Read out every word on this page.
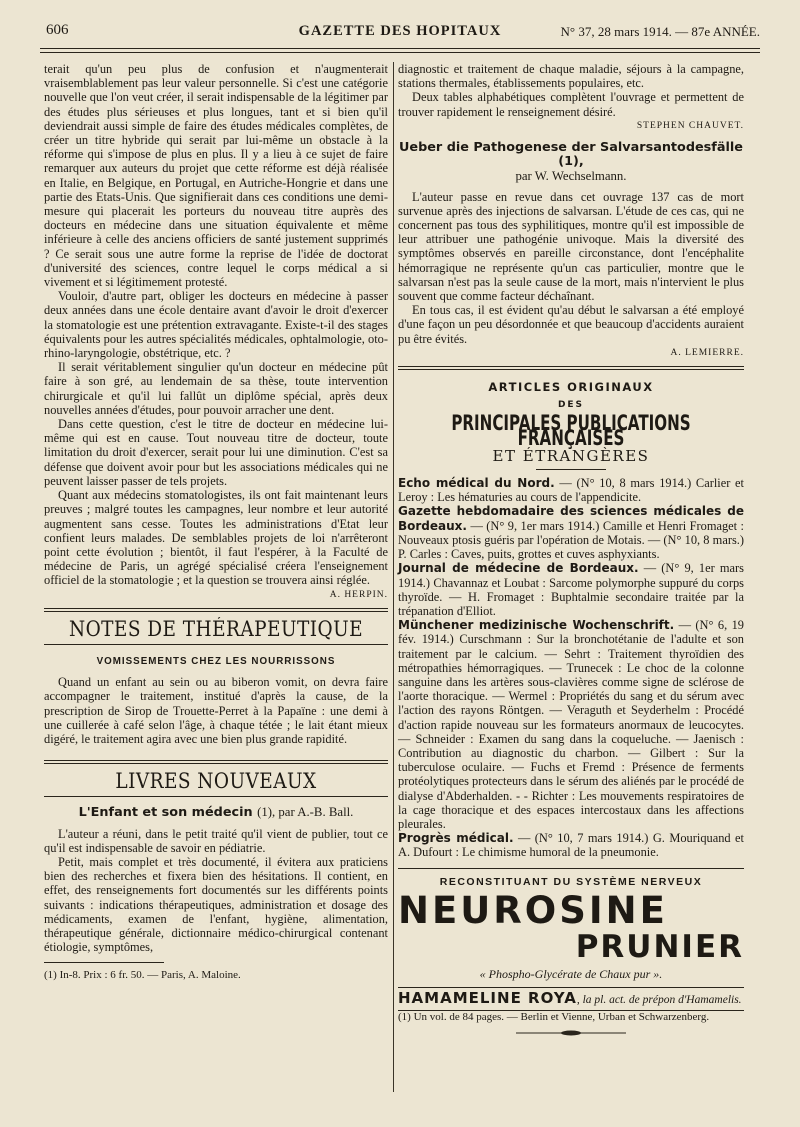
606	GAZETTE DES HOPITAUX	N° 37, 28 mars 1914. — 87e ANNÉE.

terait qu'un peu plus de confusion et n'augmenterait vraisemblablement pas leur valeur personnelle. Si c'est une catégorie nouvelle que l'on veut créer, il serait indispensable de la légitimer par des études plus sérieuses et plus longues, tant et si bien qu'il deviendrait aussi simple de faire des études médicales complètes, de créer un titre hybride qui serait par lui-même un obstacle à la réforme qui s'impose de plus en plus. Il y a lieu à ce sujet de faire remarquer aux auteurs du projet que cette réforme est déjà réalisée en Italie, en Belgique, en Portugal, en Autriche-Hongrie et dans une partie des Etats-Unis. Que signifierait dans ces conditions une demi-mesure qui placerait les porteurs du nouveau titre auprès des docteurs en médecine dans une situation équivalente et même inférieure à celle des anciens officiers de santé justement supprimés ? Ce serait sous une autre forme la reprise de l'idée de doctorat d'université des sciences, contre lequel le corps médical a si vivement et si légitimement protesté.

Vouloir, d'autre part, obliger les docteurs en médecine à passer deux années dans une école dentaire avant d'avoir le droit d'exercer la stomatologie est une prétention extravagante. Existe-t-il des stages équivalents pour les autres spécialités médicales, ophtalmologie, oto-rhino-laryngologie, obstétrique, etc. ?

Il serait véritablement singulier qu'un docteur en médecine pût faire à son gré, au lendemain de sa thèse, toute intervention chirurgicale et qu'il lui fallût un diplôme spécial, après deux nouvelles années d'études, pour pouvoir arracher une dent.

Dans cette question, c'est le titre de docteur en médecine lui-même qui est en cause. Tout nouveau titre de docteur, toute limitation du droit d'exercer, serait pour lui une diminution. C'est sa défense que doivent avoir pour but les associations médicales qui ne peuvent laisser passer de tels projets.

Quant aux médecins stomatologistes, ils ont fait maintenant leurs preuves ; malgré toutes les campagnes, leur nombre et leur autorité augmentent sans cesse. Toutes les administrations d'Etat leur confient leurs malades. De semblables projets de loi n'arrêteront point cette évolution ; bientôt, il faut l'espérer, à la Faculté de médecine de Paris, un agrégé spécialisé créera l'enseignement officiel de la stomatologie ; et la question se trouvera ainsi réglée.

A. HERPIN.

NOTES DE THÉRAPEUTIQUE
VOMISSEMENTS CHEZ LES NOURRISSONS

Quand un enfant au sein ou au biberon vomit, on devra faire accompagner le traitement, institué d'après la cause, de la prescription de Sirop de Trouette-Perret à la Papaïne : une demi à une cuillerée à café selon l'âge, à chaque tétée ; le lait étant mieux digéré, le traitement agira avec une bien plus grande rapidité.

LIVRES NOUVEAUX
L'Enfant et son médecin (1), par A.-B. Ball.

L'auteur a réuni, dans le petit traité qu'il vient de publier, tout ce qu'il est indispensable de savoir en pédiatrie.

Petit, mais complet et très documenté, il évitera aux praticiens bien des recherches et fixera bien des hésitations. Il contient, en effet, des renseignements fort documentés sur les différents points suivants : indications thérapeutiques, administration et dosage des médicaments, examen de l'enfant, hygiène, alimentation, thérapeutique générale, dictionnaire médico-chirurgical contenant étiologie, symptômes,

(1) In-8. Prix : 6 fr. 50. — Paris, A. Maloine.

diagnostic et traitement de chaque maladie, séjours à la campagne, stations thermales, établissements populaires, etc.

Deux tables alphabétiques complètent l'ouvrage et permettent de trouver rapidement le renseignement désiré.

STEPHEN CHAUVET.

Ueber die Pathogenese der Salvarsantodesfälle (1),
par W. Wechselmann.

L'auteur passe en revue dans cet ouvrage 137 cas de mort survenue après des injections de salvarsan. L'étude de ces cas, qui ne concernent pas tous des syphilitiques, montre qu'il est impossible de leur attribuer une pathogénie univoque. Mais la diversité des symptômes observés en pareille circonstance, dont l'encéphalite hémorragique ne représente qu'un cas particulier, montre que le salvarsan n'est pas la seule cause de la mort, mais n'intervient le plus souvent que comme facteur déchaînant.

En tous cas, il est évident qu'au début le salvarsan a été employé d'une façon un peu désordonnée et que beaucoup d'accidents auraient pu être évités.

A. LEMIERRE.

ARTICLES ORIGINAUX
DES
PRINCIPALES PUBLICATIONS FRANÇAISES
ET ÉTRANGÈRES

Echo médical du Nord. — (N° 10, 8 mars 1914.) Carlier et Leroy : Les hématuries au cours de l'appendicite.

Gazette hebdomadaire des sciences médicales de Bordeaux. — (N° 9, 1er mars 1914.) Camille et Henri Fromaget : Nouveaux ptosis guéris par l'opération de Motais. — (N° 10, 8 mars.) P. Carles : Caves, puits, grottes et cuves asphyxiants.

Journal de médecine de Bordeaux. — (N° 9, 1er mars 1914.) Chavannaz et Loubat : Sarcome polymorphe suppuré du corps thyroïde. — H. Fromaget : Buphtalmie secondaire traitée par la trépanation d'Elliot.

Münchener medizinische Wochenschrift. — (N° 6, 19 fév. 1914.) Curschmann : Sur la bronchotétanie de l'adulte et son traitement par le calcium. — Sehrt : Traitement thyroïdien des métropathies hémorragiques. — Trunecek : Le choc de la colonne sanguine dans les artères sous-clavières comme signe de sclérose de l'aorte thoracique. — Wermel : Propriétés du sang et du sérum avec l'action des rayons Röntgen. — Veraguth et Seyderhelm : Procédé d'action rapide nouveau sur les formateurs anormaux de leucocytes. — Schneider : Examen du sang dans la coqueluche. — Jaenisch : Contribution au diagnostic du charbon. — Gilbert : Sur la tuberculose oculaire. — Fuchs et Fremd : Présence de ferments protéolytiques protecteurs dans le sérum des aliénés par le procédé de dialyse d'Abderhalden. - - Richter : Les mouvements respiratoires de la cage thoracique et des espaces intercostaux dans les affections pleurales.

Progrès médical. — (N° 10, 7 mars 1914.) G. Mouriquand et A. Dufourt : Le chimisme humoral de la pneumonie.

RECONSTITUANT DU SYSTÈME NERVEUX
NEUROSINE
PRUNIER
« Phospho-Glycérate de Chaux pur ».
HAMAMELINE ROYA, la pl. act. de prépon d'Hamamelis.

(1) Un vol. de 84 pages. — Berlin et Vienne, Urban et Schwarzenberg.
